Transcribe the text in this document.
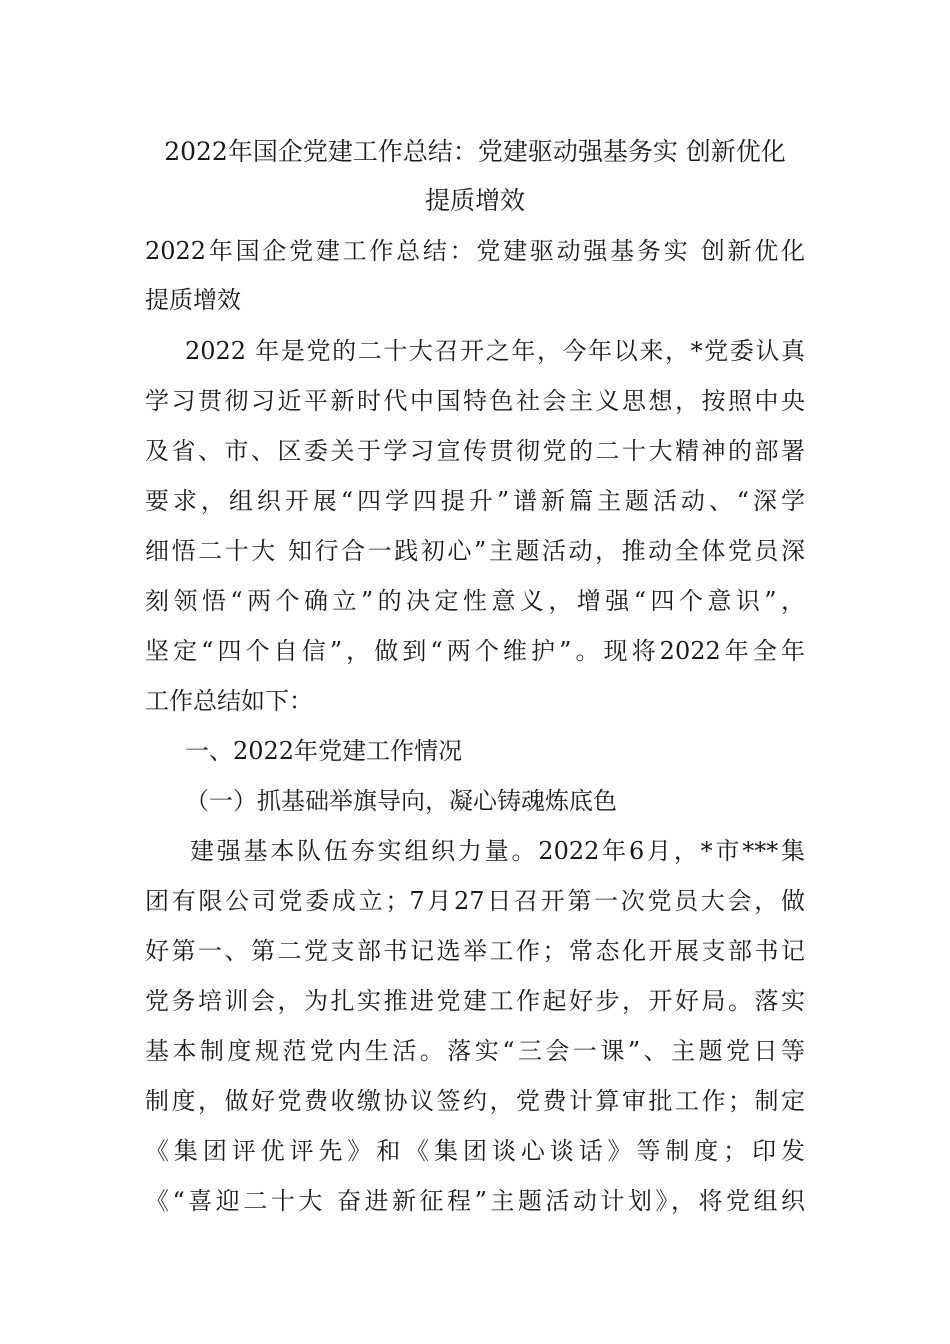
2022年国企党建工作总结：党建驱动强基务实 创新优化
提质增效
2022年国企党建工作总结：党建驱动强基务实 创新优化
提质增效
2022 年是党的二十大召开之年，今年以来，*党委认真
学习贯彻习近平新时代中国特色社会主义思想，按照中央
及省、市、区委关于学习宣传贯彻党的二十大精神的部署
要求，组织开展“四学四提升”谱新篇主题活动、“深学
细悟二十大 知行合一践初心”主题活动，推动全体党员深
刻领悟“两个确立”的决定性意义，增强“四个意识”，
坚定“四个自信”，做到“两个维护”。现将2022年全年
工作总结如下：
一、2022年党建工作情况
（一）抓基础举旗导向，凝心铸魂炼底色
建强基本队伍夯实组织力量。2022年6月，*市***集
团有限公司党委成立；7月27日召开第一次党员大会，做
好第一、第二党支部书记选举工作；常态化开展支部书记
党务培训会，为扎实推进党建工作起好步，开好局。落实
基本制度规范党内生活。落实“三会一课”、主题党日等
制度，做好党费收缴协议签约，党费计算审批工作；制定
《集团评优评先》和《集团谈心谈话》等制度；印发
《“喜迎二十大 奋进新征程”主题活动计划》，将党组织
